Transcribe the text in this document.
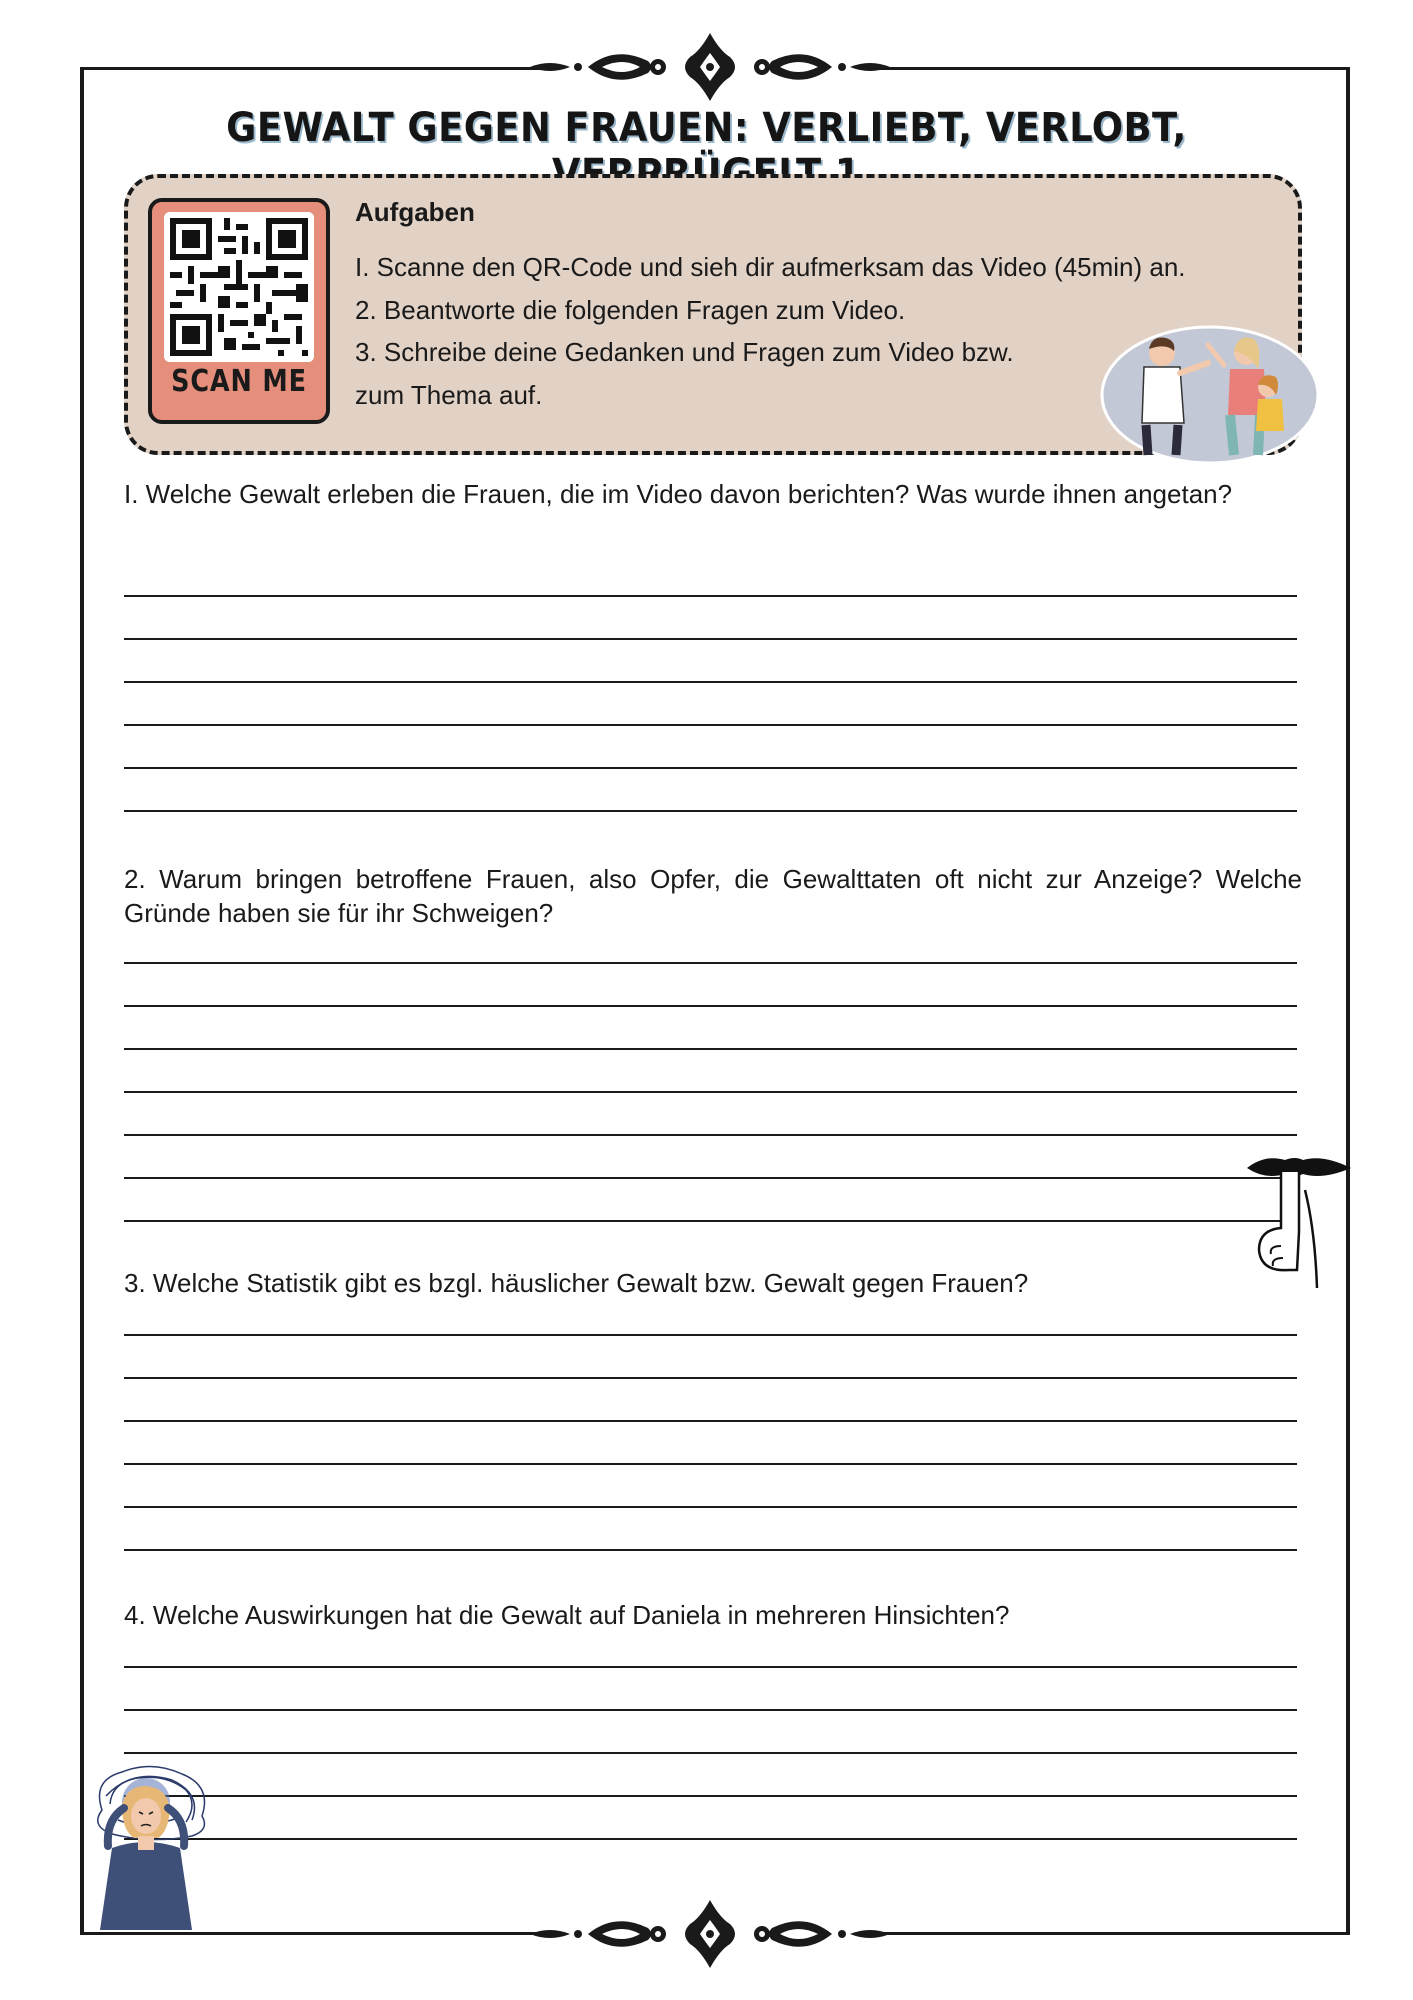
GEWALT GEGEN FRAUEN: VERLIEBT, VERLOBT,
SCAN ME
Aufgaben
I. Scanne den QR-Code und sieh dir aufmerksam das Video (45min) an.
2. Beantworte die folgenden Fragen zum Video.
3. Schreibe deine Gedanken und Fragen zum Video bzw.
zum Thema auf.
I. Welche Gewalt erleben die Frauen, die im Video davon berichten? Was wurde ihnen angetan?
2. Warum bringen betroffene Frauen, also Opfer, die Gewalttaten oft nicht zur Anzeige? Welche Gründe haben sie für ihr Schweigen?
3. Welche Statistik gibt es bzgl. häuslicher Gewalt bzw. Gewalt gegen Frauen?
4. Welche Auswirkungen hat die Gewalt auf Daniela in mehreren Hinsichten?
